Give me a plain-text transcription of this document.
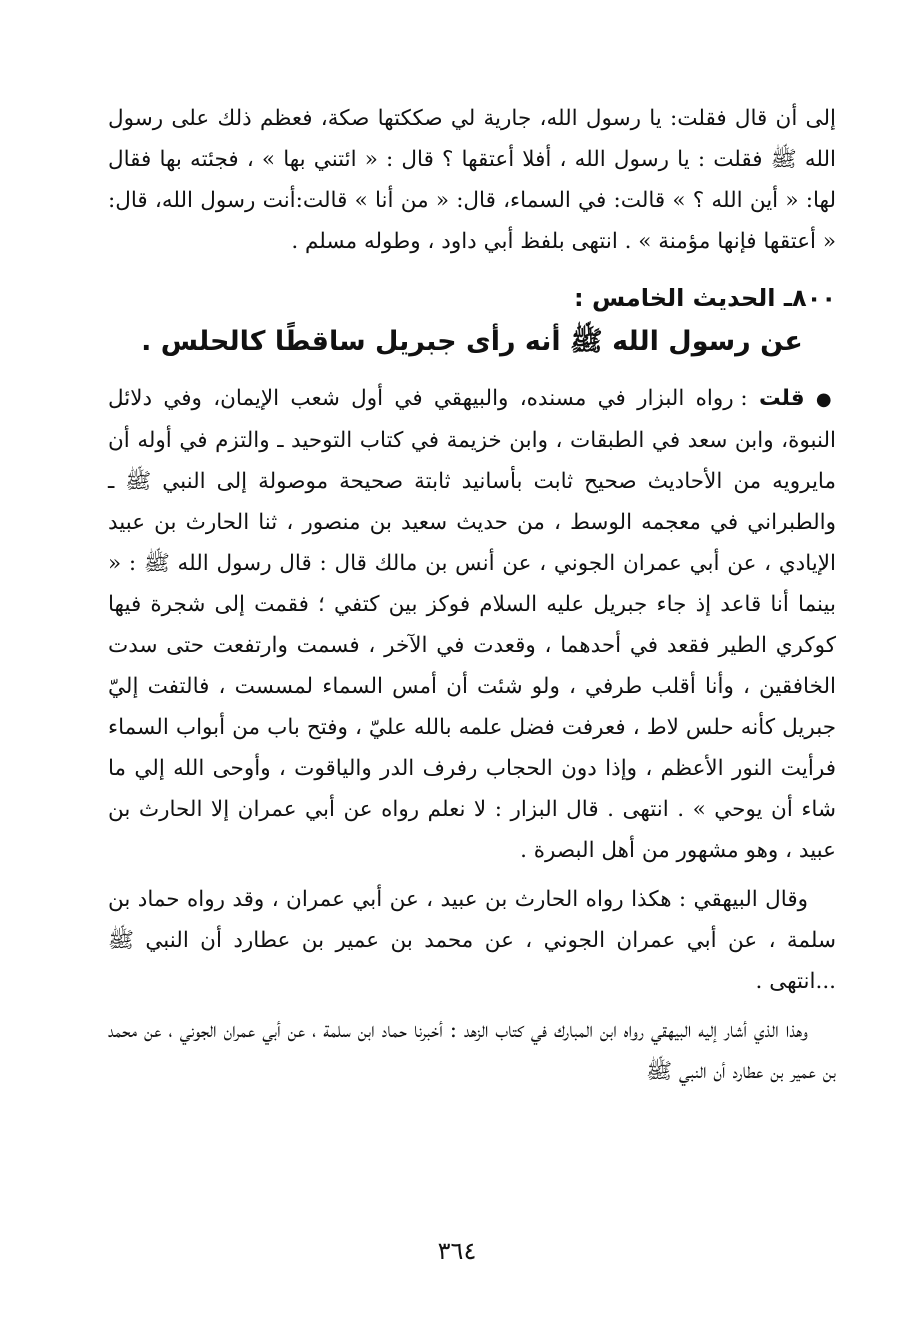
إلى أن قال فقلت: يا رسول الله، جارية لي صككتها صكة، فعظم ذلك على رسول الله ﷺ فقلت : يا رسول الله ، أفلا أعتقها ؟ قال : « ائتني بها » ، فجئته بها فقال لها: « أين الله ؟ » قالت: في السماء، قال: « من أنا » قالت:أنت رسول الله، قال: « أعتقها فإنها مؤمنة » . انتهى بلفظ أبي داود ، وطوله مسلم .

٨٠٠ـ الحديث الخامس :

عن رسول الله ﷺ أنه رأى جبريل ساقطًا كالحلس .

● قلت : رواه البزار في مسنده، والبيهقي في أول شعب الإيمان، وفي دلائل النبوة، وابن سعد في الطبقات ، وابن خزيمة في كتاب التوحيد ـ والتزم في أوله أن مايرويه من الأحاديث صحيح ثابت بأسانيد ثابتة صحيحة موصولة إلى النبي ﷺ ـ والطبراني في معجمه الوسط ، من حديث سعيد بن منصور ، ثنا الحارث بن عبيد الإيادي ، عن أبي عمران الجوني ، عن أنس بن مالك قال : قال رسول الله ﷺ : « بينما أنا قاعد إذ جاء جبريل عليه السلام فوكز بين كتفي ؛ فقمت إلى شجرة فيها كوكري الطير فقعد في أحدهما ، وقعدت في الآخر ، فسمت وارتفعت حتى سدت الخافقين ، وأنا أقلب طرفي ، ولو شئت أن أمس السماء لمسست ، فالتفت إليّ جبريل كأنه حلس لاط ، فعرفت فضل علمه بالله عليّ ، وفتح باب من أبواب السماء فرأيت النور الأعظم ، وإذا دون الحجاب رفرف الدر والياقوت ، وأوحى الله إلي ما شاء أن يوحي » . انتهى . قال البزار : لا نعلم رواه عن أبي عمران إلا الحارث بن عبيد ، وهو مشهور من أهل البصرة .

وقال البيهقي : هكذا رواه الحارث بن عبيد ، عن أبي عمران ، وقد رواه حماد بن سلمة ، عن أبي عمران الجوني ، عن محمد بن عمير بن عطارد أن النبي ﷺ ...انتهى .

وهذا الذي أشار إليه البيهقي رواه ابن المبارك في كتاب الزهد : أخبرنا حماد ابن سلمة ، عن أبي عمران الجوني ، عن محمد بن عمير بن عطارد أن النبي ﷺ

٣٦٤
